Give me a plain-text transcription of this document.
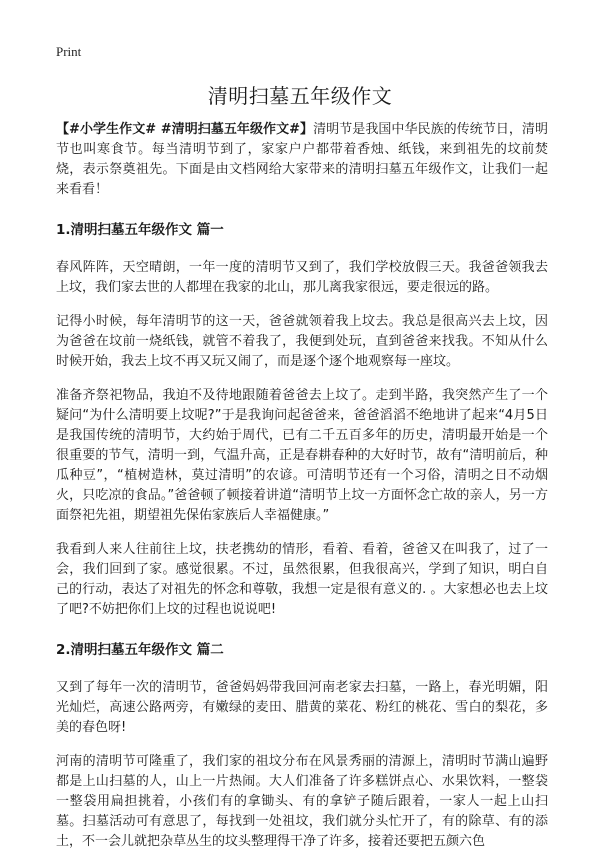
Print
清明扫墓五年级作文

【#小学生作文# #清明扫墓五年级作文#】清明节是我国中华民族的传统节日，清明节也叫寒食节。每当清明节到了，家家户户都带着香烛、纸钱，来到祖先的坟前焚烧，表示祭奠祖先。下面是由文档网给大家带来的清明扫墓五年级作文，让我们一起来看看！

1.清明扫墓五年级作文 篇一

春风阵阵，天空晴朗，一年一度的清明节又到了，我们学校放假三天。我爸爸领我去上坟，我们家去世的人都埋在我家的北山，那儿离我家很远，要走很远的路。

记得小时候，每年清明节的这一天，爸爸就领着我上坟去。我总是很高兴去上坟，因为爸爸在坟前一烧纸钱，就管不着我了，我便到处玩，直到爸爸来找我。不知从什么时候开始，我去上坟不再又玩又闹了，而是逐个逐个地观察每一座坟。

准备齐祭祀物品，我迫不及待地跟随着爸爸去上坟了。走到半路，我突然产生了一个疑问“为什么清明要上坟呢?”于是我询问起爸爸来，爸爸滔滔不绝地讲了起来“4月5日是我国传统的清明节，大约始于周代，已有二千五百多年的历史，清明最开始是一个很重要的节气，清明一到，气温升高，正是春耕春种的大好时节，故有“清明前后，种瓜种豆”，“植树造林，莫过清明”的农谚。可清明节还有一个习俗，清明之日不动烟火，只吃凉的食品。”爸爸顿了顿接着讲道“清明节上坟一方面怀念亡故的亲人，另一方面祭祀先祖，期望祖先保佑家族后人幸福健康。”

我看到人来人往前往上坟，扶老携幼的情形，看着、看着，爸爸又在叫我了，过了一会，我们回到了家。感觉很累。不过，虽然很累，但我很高兴，学到了知识，明白自己的行动，表达了对祖先的怀念和尊敬，我想一定是很有意义的. 。大家想必也去上坟了吧?不妨把你们上坟的过程也说说吧!

2.清明扫墓五年级作文 篇二

又到了每年一次的清明节，爸爸妈妈带我回河南老家去扫墓，一路上，春光明媚，阳光灿烂，高速公路两旁，有嫩绿的麦田、腊黄的菜花、粉红的桃花、雪白的梨花，多美的春色呀!

河南的清明节可隆重了，我们家的祖坟分布在风景秀丽的清源上，清明时节满山遍野都是上山扫墓的人，山上一片热闹。大人们准备了许多糕饼点心、水果饮料，一整袋一整袋用扁担挑着，小孩们有的拿锄头、有的拿铲子随后跟着，一家人一起上山扫墓。扫墓活动可有意思了，每找到一处祖坟，我们就分头忙开了，有的除草、有的添土，不一会儿就把杂草丛生的坟头整理得干净了许多，接着还要把五颜六色
